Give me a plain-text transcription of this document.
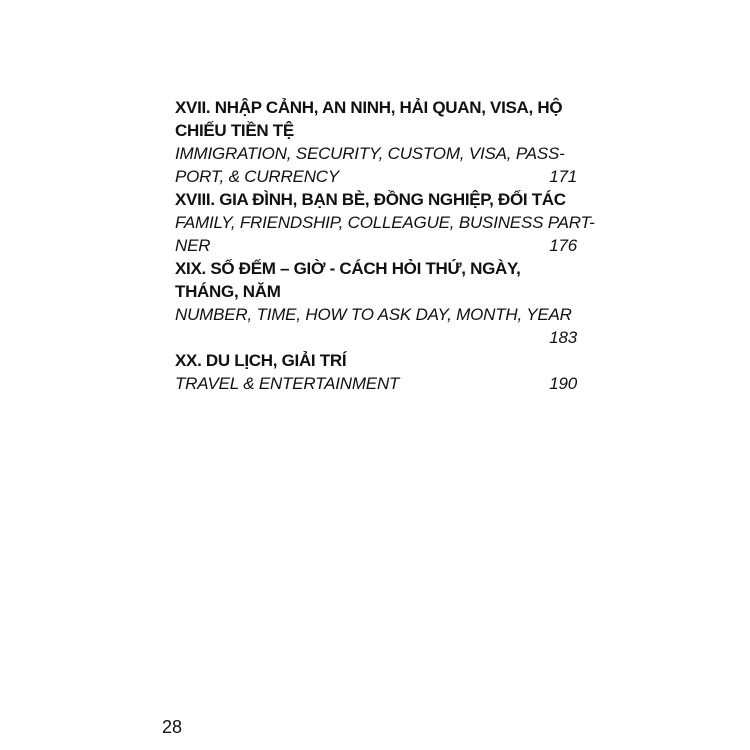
XVII. NHẬP CẢNH, AN NINH, HẢI QUAN, VISA, HỘ
CHIẾU TIỀN TỆ
IMMIGRATION, SECURITY, CUSTOM, VISA, PASS-
PORT, & CURRENCY	171
XVIII. GIA ĐÌNH, BẠN BÈ, ĐỒNG NGHIỆP, ĐỐI TÁC
FAMILY, FRIENDSHIP, COLLEAGUE, BUSINESS PART-
NER	176
XIX. SỐ ĐẾM – GIỜ - CÁCH HỎI THỨ, NGÀY,
THÁNG, NĂM
NUMBER, TIME, HOW TO ASK DAY, MONTH, YEAR
183
XX. DU LỊCH, GIẢI TRÍ
TRAVEL & ENTERTAINMENT	190
28
